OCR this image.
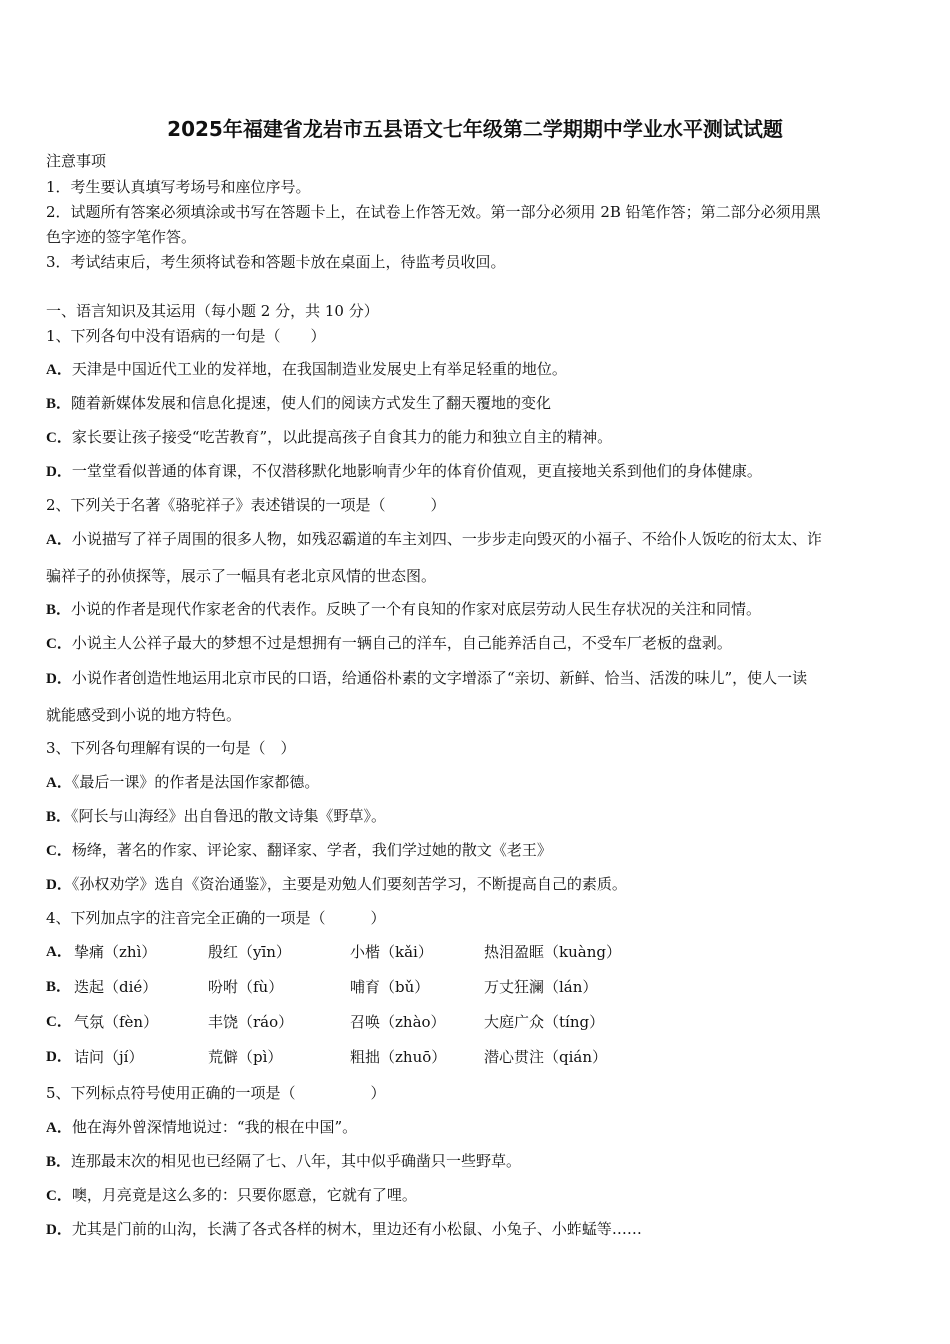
2025年福建省龙岩市五县语文七年级第二学期期中学业水平测试试题
注意事项
1．考生要认真填写考场号和座位序号。
2．试题所有答案必须填涂或书写在答题卡上，在试卷上作答无效。第一部分必须用 2B 铅笔作答；第二部分必须用黑
色字迹的签字笔作答。
3．考试结束后，考生须将试卷和答题卡放在桌面上，待监考员收回。
一、语言知识及其运用（每小题 2 分，共 10 分）
1、下列各句中没有语病的一句是（　　）
A．天津是中国近代工业的发祥地，在我国制造业发展史上有举足轻重的地位。
B．随着新媒体发展和信息化提速，使人们的阅读方式发生了翻天覆地的变化
C．家长要让孩子接受“吃苦教育”，以此提高孩子自食其力的能力和独立自主的精神。
D．一堂堂看似普通的体育课，不仅潜移默化地影响青少年的体育价值观，更直接地关系到他们的身体健康。
2、下列关于名著《骆驼祥子》表述错误的一项是（　　　）
A．小说描写了祥子周围的很多人物，如残忍霸道的车主刘四、一步步走向毁灭的小福子、不给仆人饭吃的衍太太、诈
骗祥子的孙侦探等，展示了一幅具有老北京风情的世态图。
B．小说的作者是现代作家老舍的代表作。反映了一个有良知的作家对底层劳动人民生存状况的关注和同情。
C．小说主人公祥子最大的梦想不过是想拥有一辆自己的洋车，自己能养活自己，不受车厂老板的盘剥。
D．小说作者创造性地运用北京市民的口语，给通俗朴素的文字增添了“亲切、新鲜、恰当、活泼的味儿”，使人一读
就能感受到小说的地方特色。
3、下列各句理解有误的一句是（　）
A．《最后一课》的作者是法国作家都德。
B．《阿长与山海经》出自鲁迅的散文诗集《野草》。
C．杨绛，著名的作家、评论家、翻译家、学者，我们学过她的散文《老王》
D．《孙权劝学》选自《资治通鉴》，主要是劝勉人们要刻苦学习，不断提高自己的素质。
4、下列加点字的注音完全正确的一项是（　　　）
A． 挚痛（zhì）	殷红（yīn）	小楷（kǎi）	热泪盈眶（kuàng）
B． 迭起（dié）	吩咐（fù）	哺育（bǔ）	万丈狂澜（lán）
C． 气氛（fèn）	丰饶（ráo）	召唤（zhào）	大庭广众（tíng）
D． 诘问（jí）	荒僻（pì）	粗拙（zhuō）	潜心贯注（qián）
5、下列标点符号使用正确的一项是（　　　　　）
A．他在海外曾深情地说过：“我的根在中国”。
B．连那最末次的相见也已经隔了七、八年，其中似乎确凿只一些野草。
C．噢，月亮竟是这么多的：只要你愿意，它就有了哩。
D．尤其是门前的山沟，长满了各式各样的树木，里边还有小松鼠、小兔子、小蚱蜢等……
